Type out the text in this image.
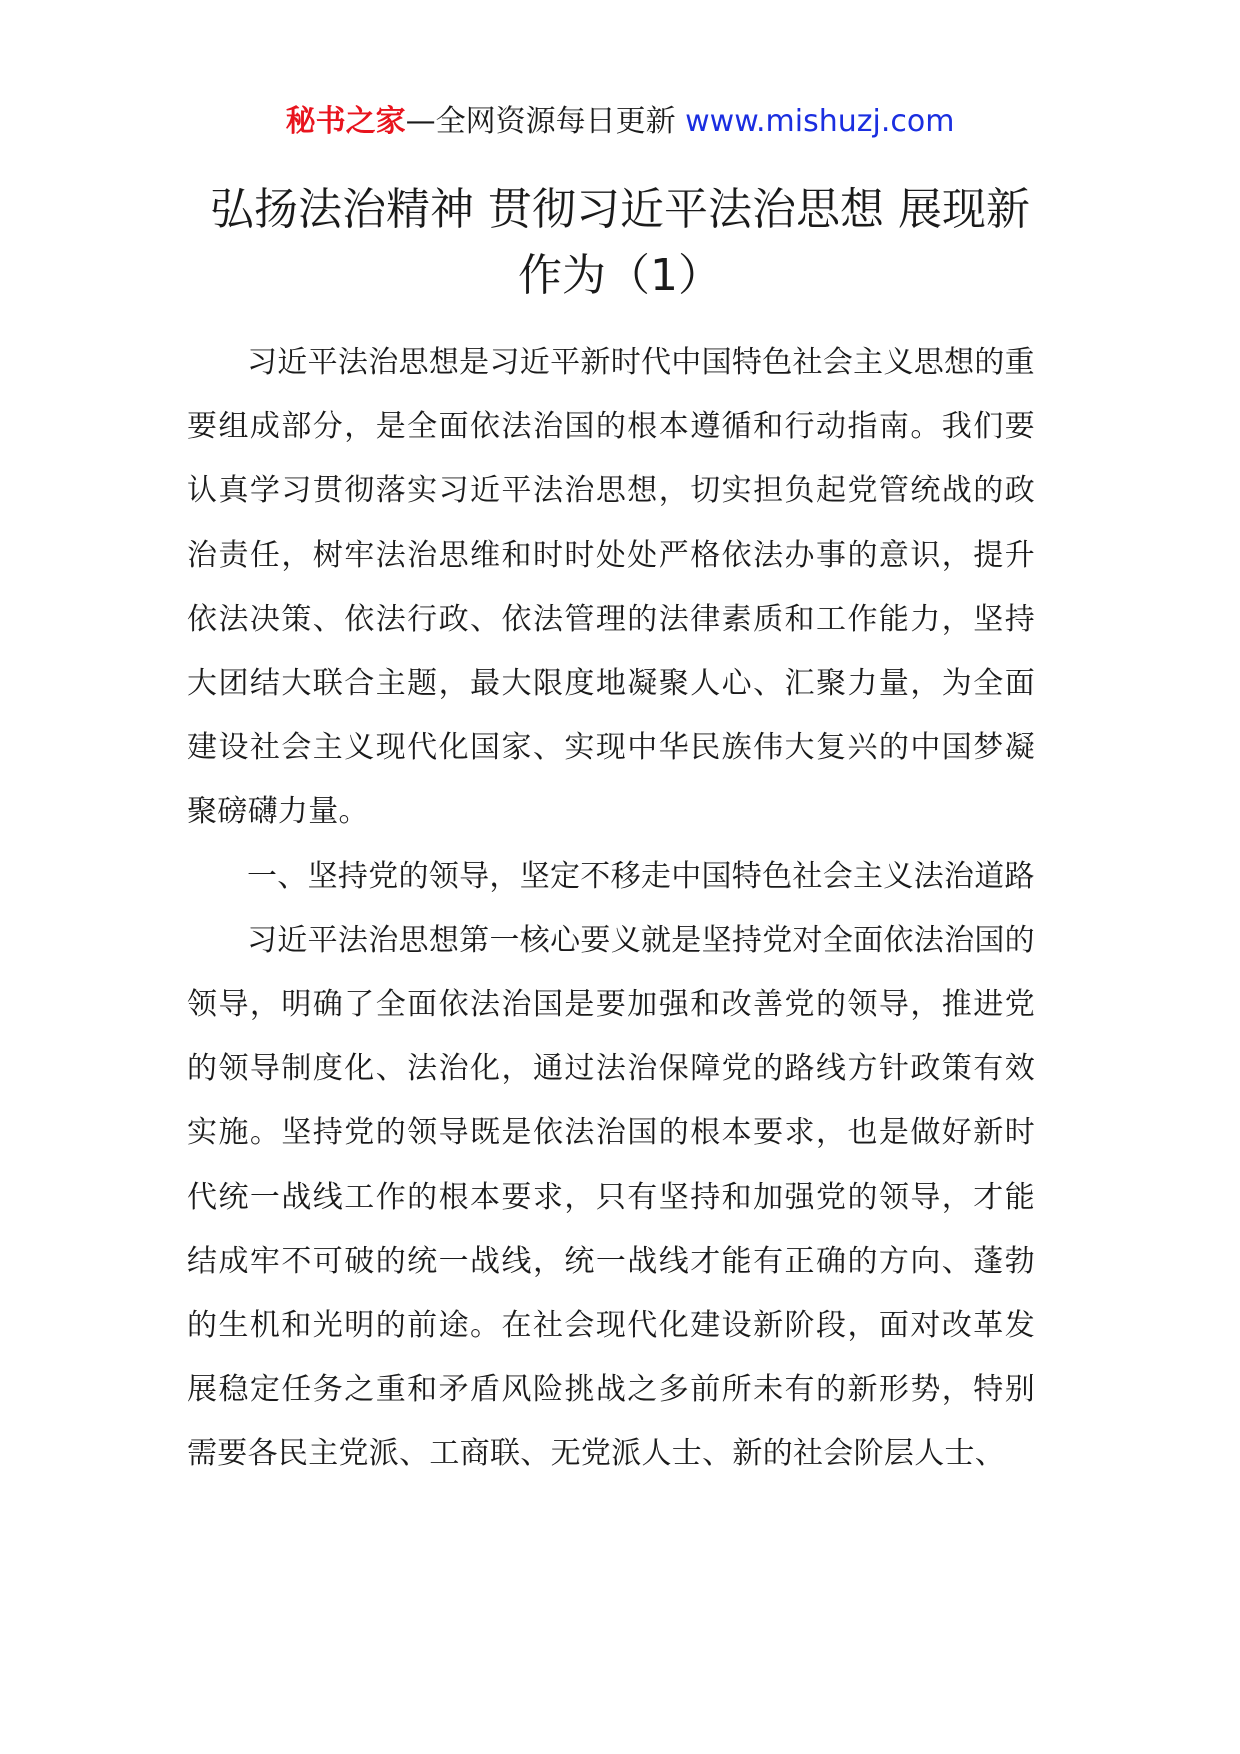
秘书之家—全网资源每日更新 www.mishuzj.com
弘扬法治精神 贯彻习近平法治思想 展现新
作为（1）

习近平法治思想是习近平新时代中国特色社会主义思想的重要组成部分，是全面依法治国的根本遵循和行动指南。我们要认真学习贯彻落实习近平法治思想，切实担负起党管统战的政治责任，树牢法治思维和时时处处严格依法办事的意识，提升依法决策、依法行政、依法管理的法律素质和工作能力，坚持大团结大联合主题，最大限度地凝聚人心、汇聚力量，为全面建设社会主义现代化国家、实现中华民族伟大复兴的中国梦凝聚磅礴力量。

一、坚持党的领导，坚定不移走中国特色社会主义法治道路

习近平法治思想第一核心要义就是坚持党对全面依法治国的领导，明确了全面依法治国是要加强和改善党的领导，推进党的领导制度化、法治化，通过法治保障党的路线方针政策有效实施。坚持党的领导既是依法治国的根本要求，也是做好新时代统一战线工作的根本要求，只有坚持和加强党的领导，才能结成牢不可破的统一战线，统一战线才能有正确的方向、蓬勃的生机和光明的前途。在社会现代化建设新阶段，面对改革发展稳定任务之重和矛盾风险挑战之多前所未有的新形势，特别需要各民主党派、工商联、无党派人士、新的社会阶层人士、
